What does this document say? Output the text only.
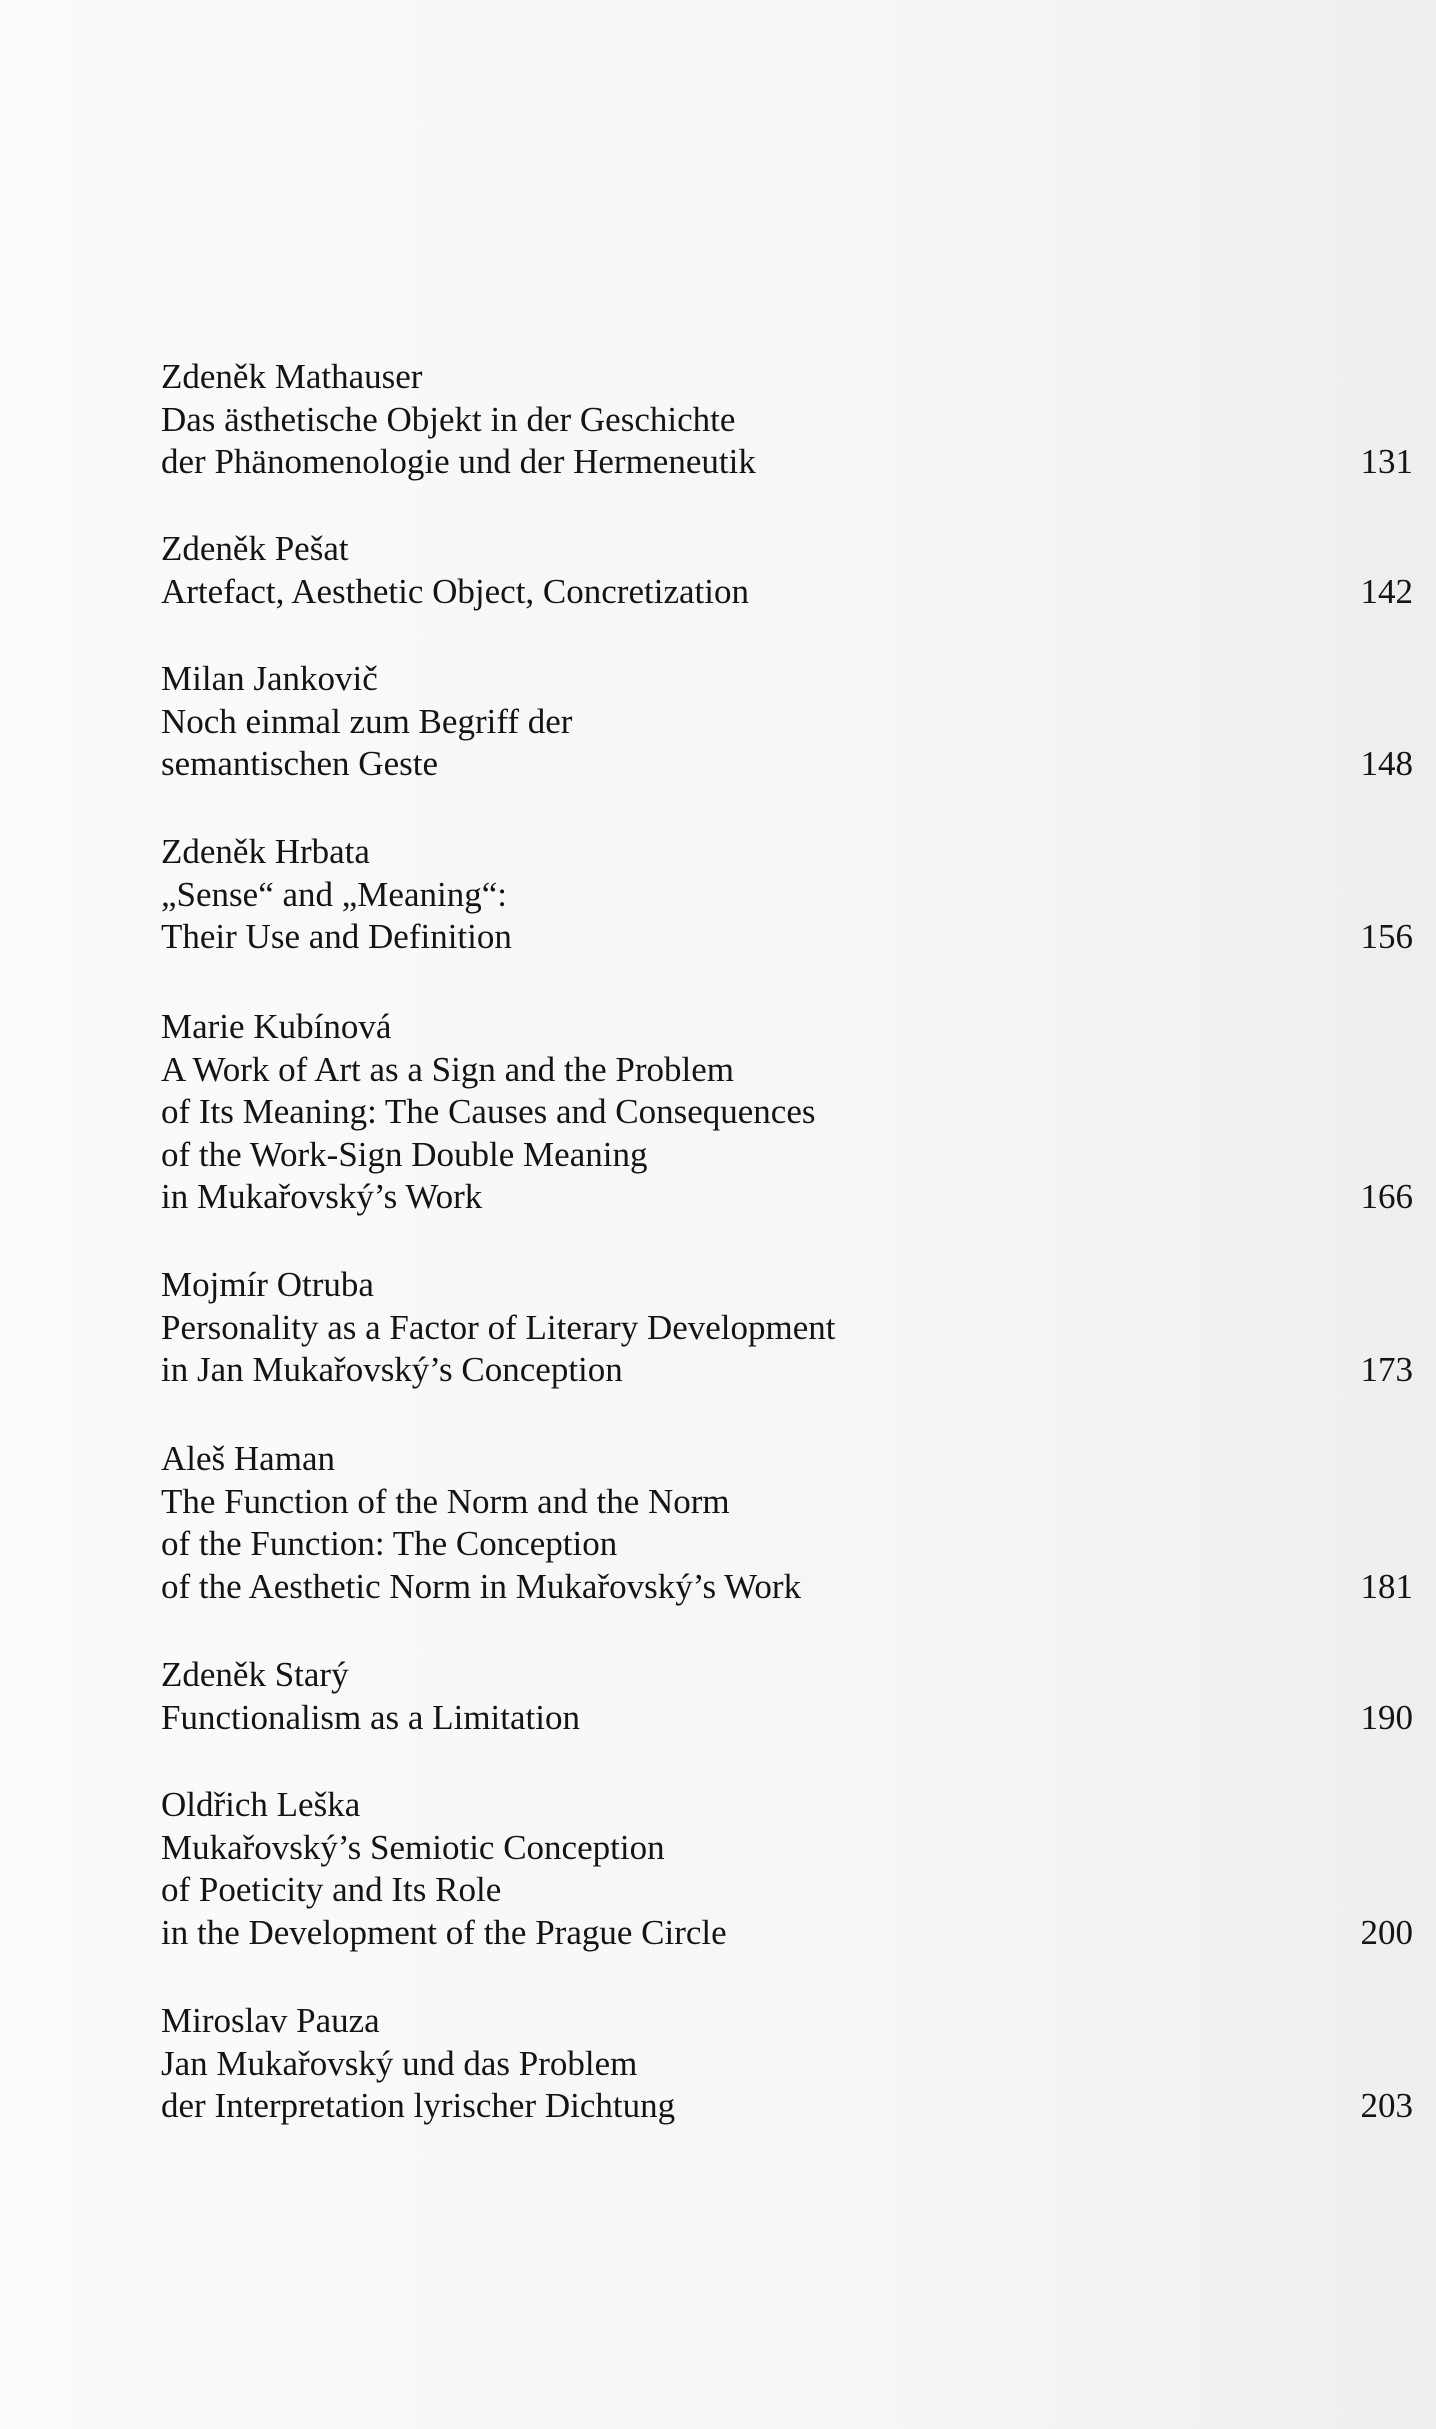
Zdeněk Mathauser
Das ästhetische Objekt in der Geschichte
der Phänomenologie und der Hermeneutik	131
Zdeněk Pešat
Artefact, Aesthetic Object, Concretization	142
Milan Jankovič
Noch einmal zum Begriff der
semantischen Geste	148
Zdeněk Hrbata
„Sense“ and „Meaning“:
Their Use and Definition	156
Marie Kubínová
A Work of Art as a Sign and the Problem
of Its Meaning: The Causes and Consequences
of the Work-Sign Double Meaning
in Mukařovský’s Work	166
Mojmír Otruba
Personality as a Factor of Literary Development
in Jan Mukařovský’s Conception	173
Aleš Haman
The Function of the Norm and the Norm
of the Function: The Conception
of the Aesthetic Norm in Mukařovský’s Work	181
Zdeněk Starý
Functionalism as a Limitation	190
Oldřich Leška
Mukařovský’s Semiotic Conception
of Poeticity and Its Role
in the Development of the Prague Circle	200
Miroslav Pauza
Jan Mukařovský und das Problem
der Interpretation lyrischer Dichtung	203
